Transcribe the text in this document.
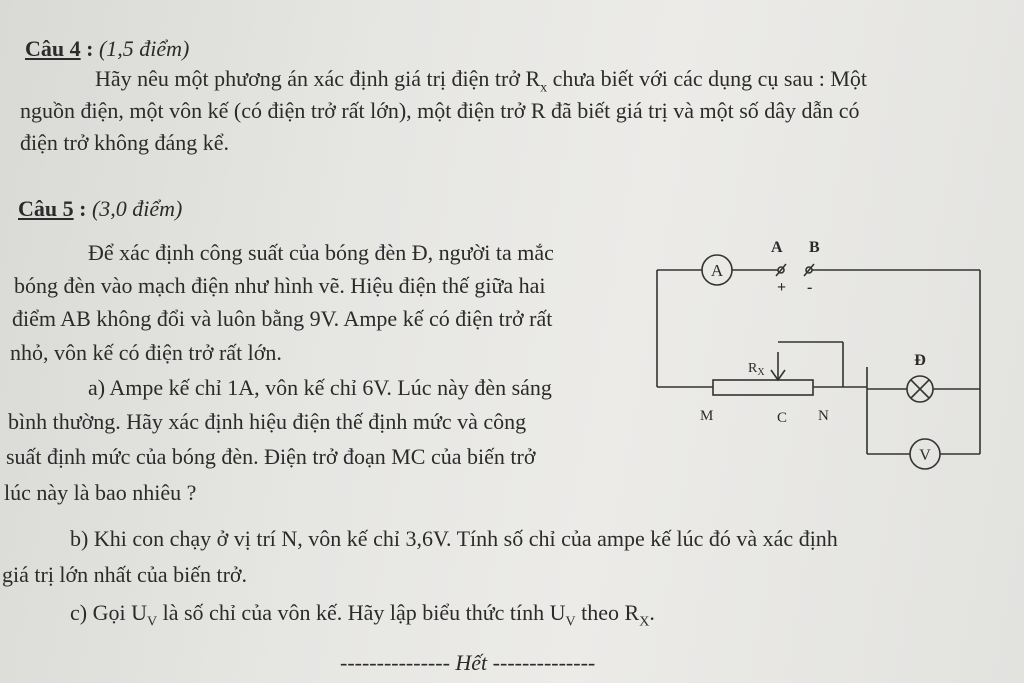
Câu 4 : (1,5 điểm)
Hãy nêu một phương án xác định giá trị điện trở $R_x$ chưa biết với các dụng cụ sau : Một
nguồn điện, một vôn kế (có điện trở rất lớn), một điện trở R đã biết giá trị và một số dây dẫn có
điện trở không đáng kể.
Câu 5 : (3,0 điểm)
Để xác định công suất của bóng đèn Đ, người ta mắc
bóng đèn vào mạch điện như hình vẽ. Hiệu điện thế giữa hai
điểm AB không đổi và luôn bằng 9V. Ampe kế có điện trở rất
nhỏ, vôn kế có điện trở rất lớn.
a) Ampe kế chỉ 1A, vôn kế chỉ 6V. Lúc này đèn sáng
bình thường. Hãy xác định hiệu điện thế định mức và công
suất định mức của bóng đèn. Điện trở đoạn MC của biến trở
lúc này là bao nhiêu ?
b) Khi con chạy ở vị trí N, vôn kế chỉ 3,6V. Tính số chỉ của ampe kế lúc đó và xác định
giá trị lớn nhất của biến trở.
c) Gọi $U_V$ là số chỉ của vôn kế. Hãy lập biểu thức tính $U_V$ theo $R_X$.
--------------- Hết --------------
A
V
Đ
A B
+ -
$R_X$
M	C N
